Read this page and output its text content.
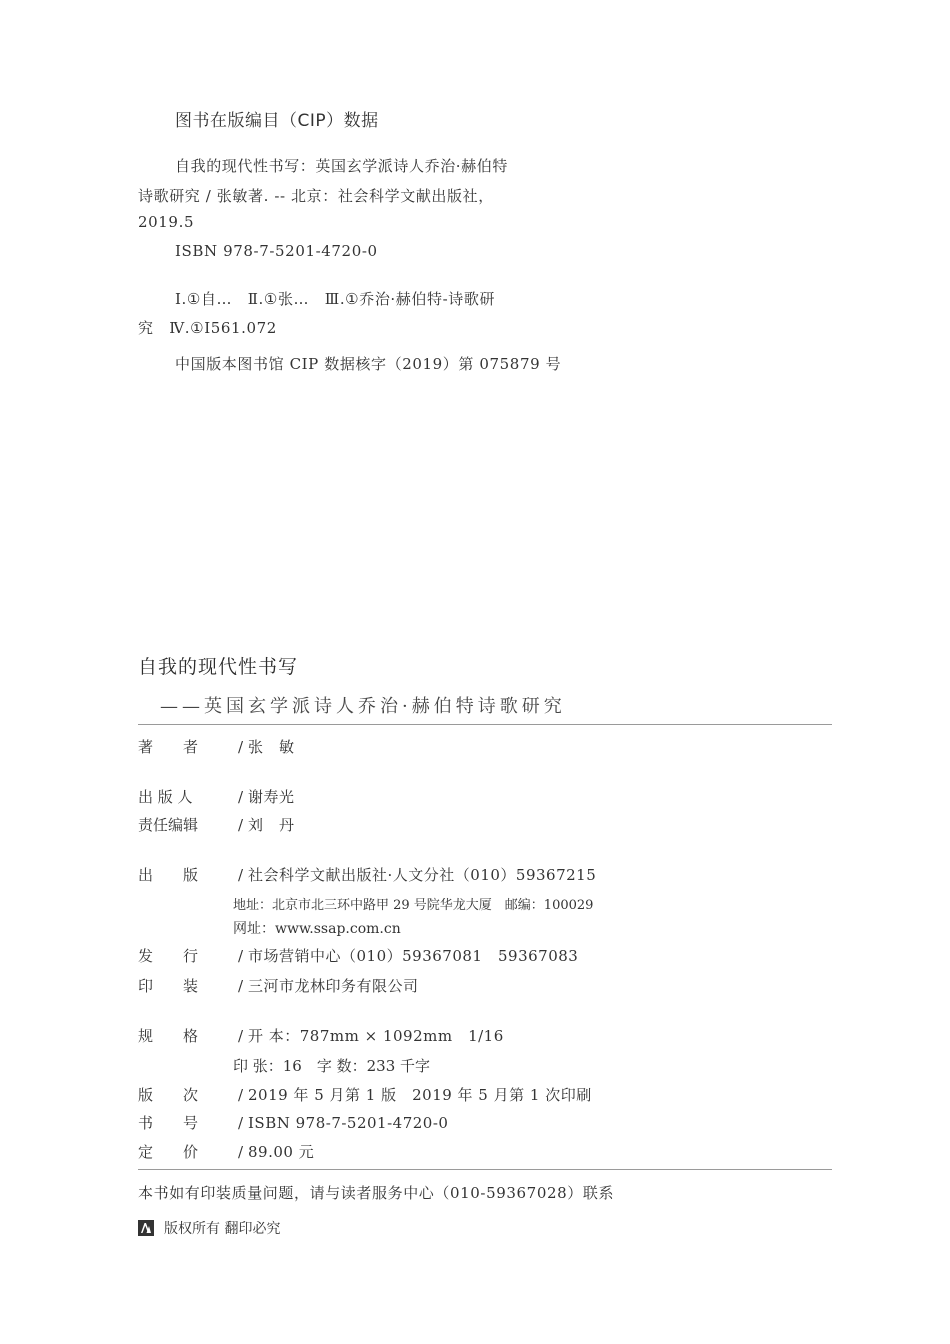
图书在版编目（CIP）数据
自我的现代性书写：英国玄学派诗人乔治·赫伯特
诗歌研究 / 张敏著. -- 北京：社会科学文献出版社，
2019.5
ISBN 978-7-5201-4720-0
Ⅰ.①自…　Ⅱ.①张…　Ⅲ.①乔治·赫伯特-诗歌研
究　Ⅳ.①I561.072
中国版本图书馆 CIP 数据核字（2019）第 075879 号
自我的现代性书写
——英国玄学派诗人乔治·赫伯特诗歌研究
著　　者	/ 张　敏
出 版 人	/ 谢寿光
责任编辑	/ 刘　丹
出　　版	/ 社会科学文献出版社·人文分社（010）59367215
地址：北京市北三环中路甲 29 号院华龙大厦　邮编：100029
网址：www.ssap.com.cn
发　　行	/ 市场营销中心（010）59367081　59367083
印　　装	/ 三河市龙林印务有限公司
规　　格	/ 开 本：787mm × 1092mm　1/16
印 张：16　字 数：233 千字
版　　次	/ 2019 年 5 月第 1 版　2019 年 5 月第 1 次印刷
书　　号	/ ISBN 978-7-5201-4720-0
定　　价	/ 89.00 元
本书如有印装质量问题，请与读者服务中心（010-59367028）联系
版权所有 翻印必究
